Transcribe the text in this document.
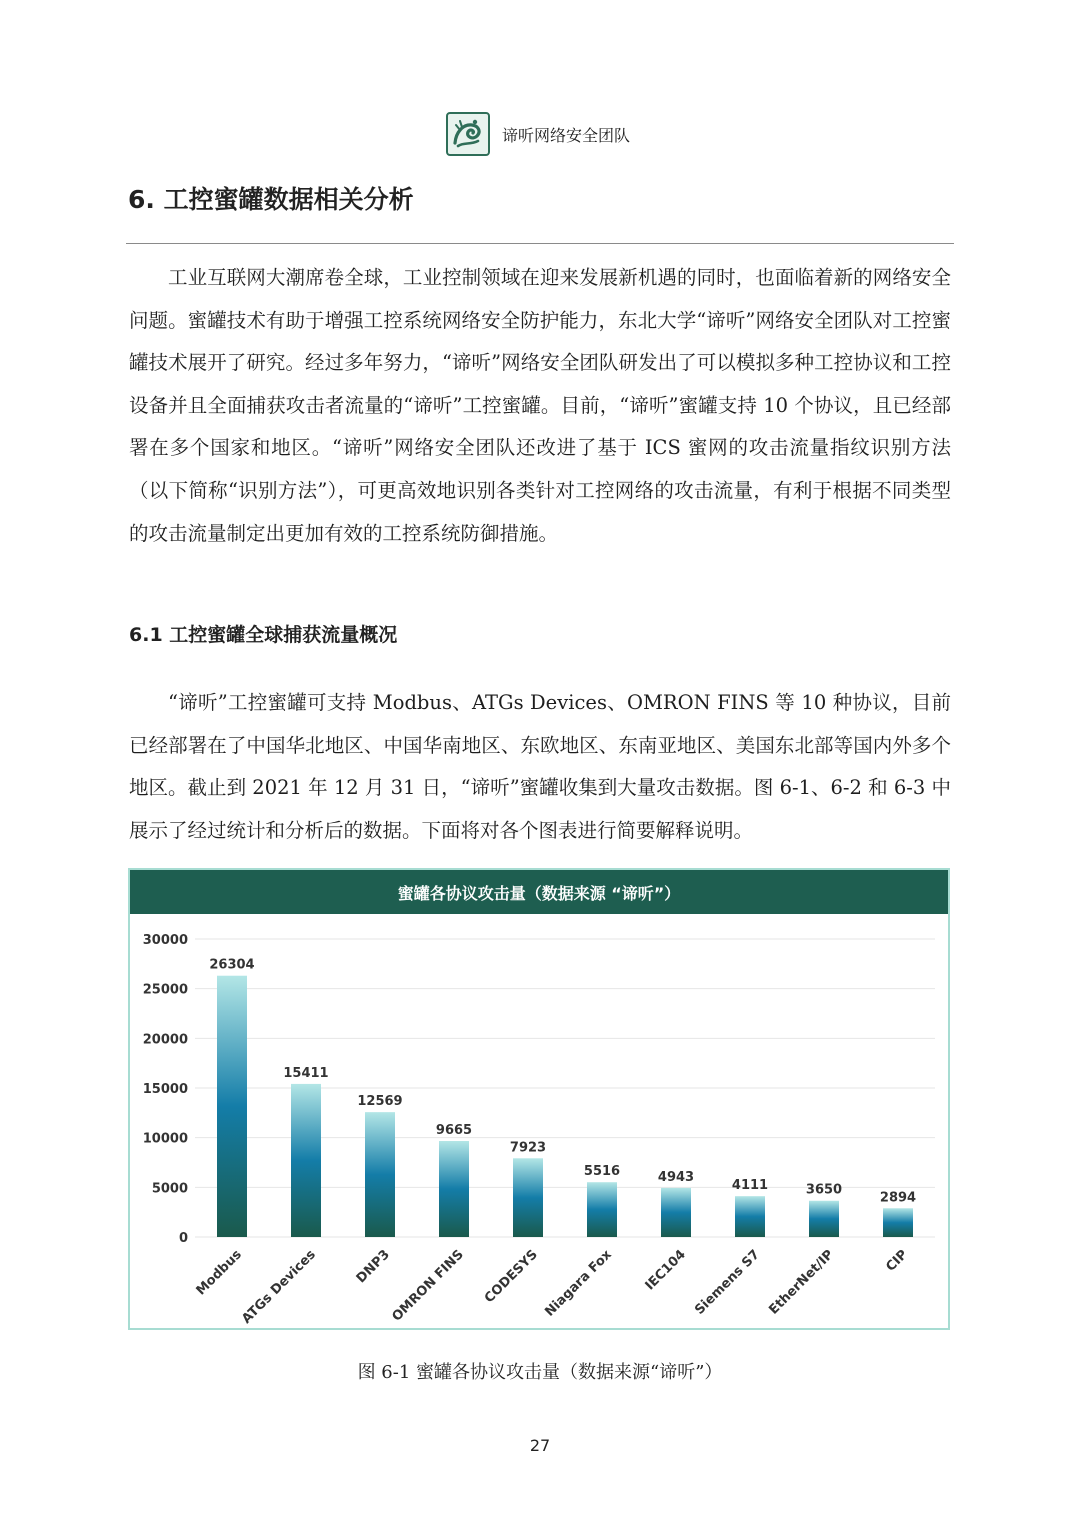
谛听网络安全团队
6. 工控蜜罐数据相关分析

工业互联网大潮席卷全球，工业控制领域在迎来发展新机遇的同时，也面临着新的网络安全问题。蜜罐技术有助于增强工控系统网络安全防护能力，东北大学“谛听”网络安全团队对工控蜜罐技术展开了研究。经过多年努力，“谛听”网络安全团队研发出了可以模拟多种工控协议和工控设备并且全面捕获攻击者流量的“谛听”工控蜜罐。目前，“谛听”蜜罐支持 10 个协议，且已经部署在多个国家和地区。“谛听”网络安全团队还改进了基于 ICS 蜜网的攻击流量指纹识别方法（以下简称“识别方法”），可更高效地识别各类针对工控网络的攻击流量，有利于根据不同类型的攻击流量制定出更加有效的工控系统防御措施。

6.1 工控蜜罐全球捕获流量概况

“谛听”工控蜜罐可支持 Modbus、ATGs Devices、OMRON FINS 等 10 种协议，目前已经部署在了中国华北地区、中国华南地区、东欧地区、东南亚地区、美国东北部等国内外多个地区。截止到 2021 年 12 月 31 日，“谛听”蜜罐收集到大量攻击数据。图 6-1、6-2 和 6-3 中展示了经过统计和分析后的数据。下面将对各个图表进行简要解释说明。

蜜罐各协议攻击量（数据来源 “谛听”）
0
5000
10000
15000
20000
25000
30000
26304
Modbus
15411
ATGs Devices
12569
DNP3
9665
OMRON FINS
7923
CODESYS
5516
Niagara Fox
4943
IEC104
4111
Siemens S7
3650
EtherNet/IP
2894
CIP
图 6-1 蜜罐各协议攻击量（数据来源“谛听”）
27
